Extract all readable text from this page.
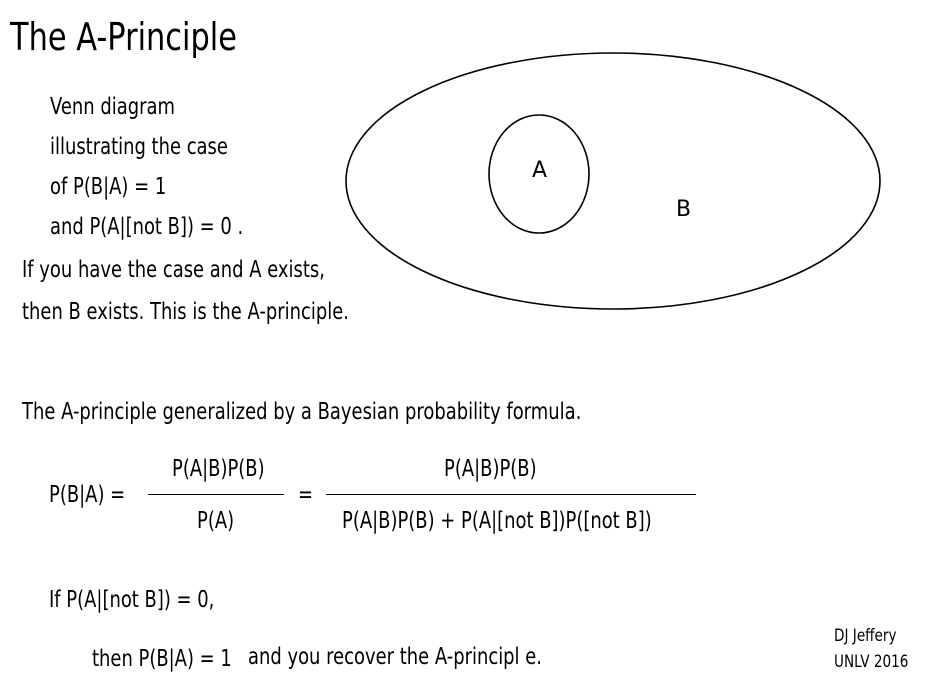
The A-Principle
A
B
Venn diagram
illustrating the case
of P(B|A) = 1
and P(A|[not B]) = 0 .
If you have the case and A exists,
then B exists. This is the A-principle.
The A-principle generalized by a Bayesian probability formula.
P(B|A) =
P(A|B)P(B)
P(A)
=
P(A|B)P(B)
P(A|B)P(B) + P(A|[not B])P([not B])
If P(A|[not B]) = 0,
then P(B|A) = 1 and you recover the A-principl e.
DJ Jeffery
UNLV 2016
